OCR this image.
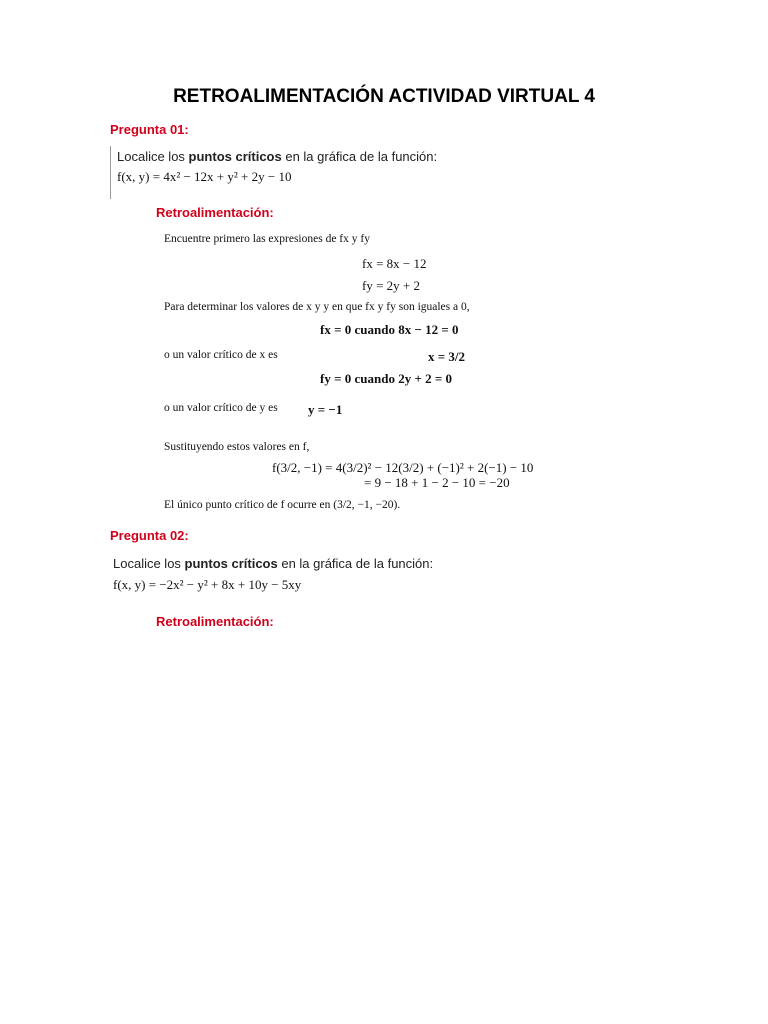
RETROALIMENTACIÓN ACTIVIDAD VIRTUAL 4
Pregunta 01:
Localice los puntos críticos en la gráfica de la función:
f(x, y) = 4x² − 12x + y² + 2y − 10
Retroalimentación:
Encuentre primero las expresiones de fx y fy
fx = 8x − 12
fy = 2y + 2
Para determinar los valores de x y y en que fx y fy son iguales a 0,
fx = 0 cuando 8x − 12 = 0
o un valor crítico de x es	x = 3/2
fy = 0 cuando 2y + 2 = 0
o un valor crítico de y es y = −1
Sustituyendo estos valores en f,
f(3/2, −1) = 4(3/2)² − 12(3/2) + (−1)² + 2(−1) − 10
= 9 − 18 + 1 − 2 − 10 = −20
El único punto crítico de f ocurre en (3/2, −1, −20).
Pregunta 02:
Localice los puntos críticos en la gráfica de la función:
f(x, y) = −2x² − y² + 8x + 10y − 5xy
Retroalimentación:
